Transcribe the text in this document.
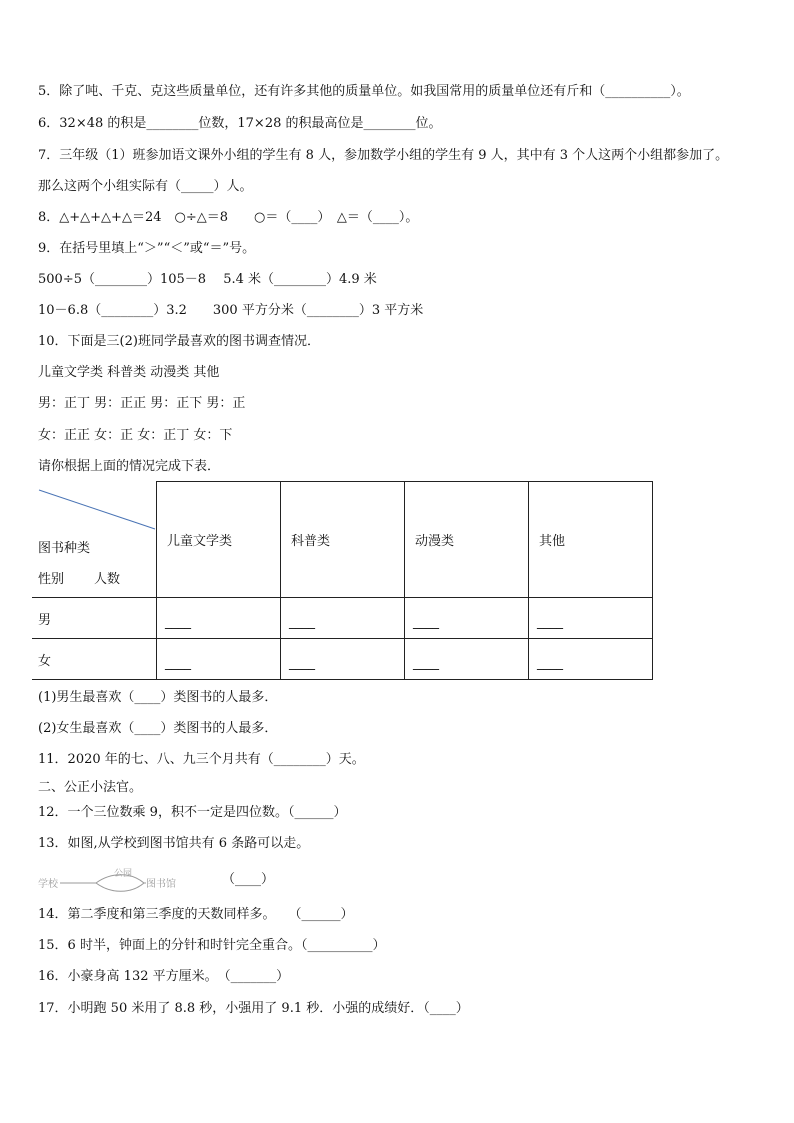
5．除了吨、千克、克这些质量单位，还有许多其他的质量单位。如我国常用的质量单位还有斤和（__________）。
6．32×48 的积是________位数，17×28 的积最高位是________位。
7．三年级（1）班参加语文课外小组的学生有 8 人，参加数学小组的学生有 9 人，其中有 3 个人这两个小组都参加了。
那么这两个小组实际有（_____）人。
8．△+△+△+△＝24　○÷△＝8　　○＝（____）　△＝（____）。
9．在括号里填上“＞”“＜”或“＝”号。
500÷5（________）105－8　 5.4 米（________）4.9 米
10－6.8（________）3.2　　300 平方分米（________）3 平方米
10．下面是三(2)班同学最喜欢的图书调查情况．
儿童文学类 科普类 动漫类 其他
男：正丁 男：正正 男：正下 男：正
女：正正 女：正 女：正丁 女：下
请你根据上面的情况完成下表．
图书种类
性别 人数	儿童文学类	科普类	动漫类	其他
男	____	____	____	____
女	____	____	____	____
(1)男生最喜欢（____）类图书的人最多．
(2)女生最喜欢（____）类图书的人最多．
11．2020 年的七、八、九三个月共有（________）天。
二、公正小法官。
12．一个三位数乘 9，积不一定是四位数。（______）
13．如图,从学校到图书馆共有 6 条路可以走。
学校
公园
图书馆	（____）
14．第二季度和第三季度的天数同样多。　　（______）
15．6 时半，钟面上的分针和时针完全重合。（__________）
16．小豪身高 132 平方厘米。　（_______）
17．小明跑 50 米用了 8.8 秒，小强用了 9.1 秒．小强的成绩好．（____）
